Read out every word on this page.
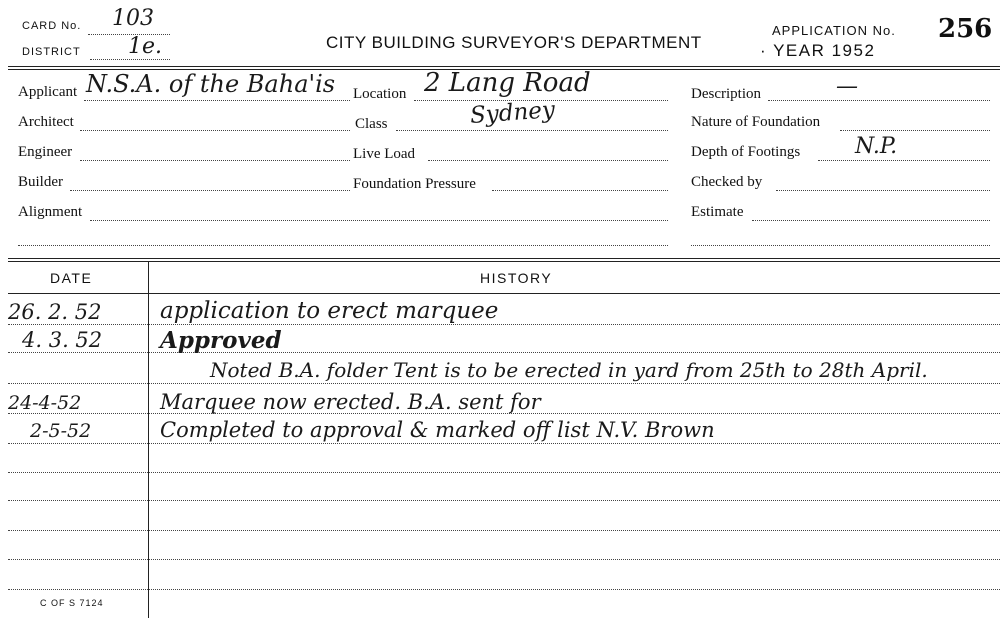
CARD No. 103
DISTRICT 1e.	CITY BUILDING SURVEYOR'S DEPARTMENT
APPLICATION No. 256
· YEAR 1952
Applicant N.S.A. of the Baha'is
Architect
Engineer
Builder
Alignment
Location 2 Lang Road
Class	Sydney
Live Load
Foundation Pressure
Description	—
Nature of Foundation
Depth of Footings N.P.
Checked by
Estimate
DATE	HISTORY
26. 2. 52	application to erect marquee
4. 3. 52	Approved
Noted B.A. folder Tent is to be erected in yard from 25th to 28th April.
24-4-52	Marquee now erected. B.A. sent for
2-5-52	Completed to approval & marked off list N.V. Brown
C OF S 7124
